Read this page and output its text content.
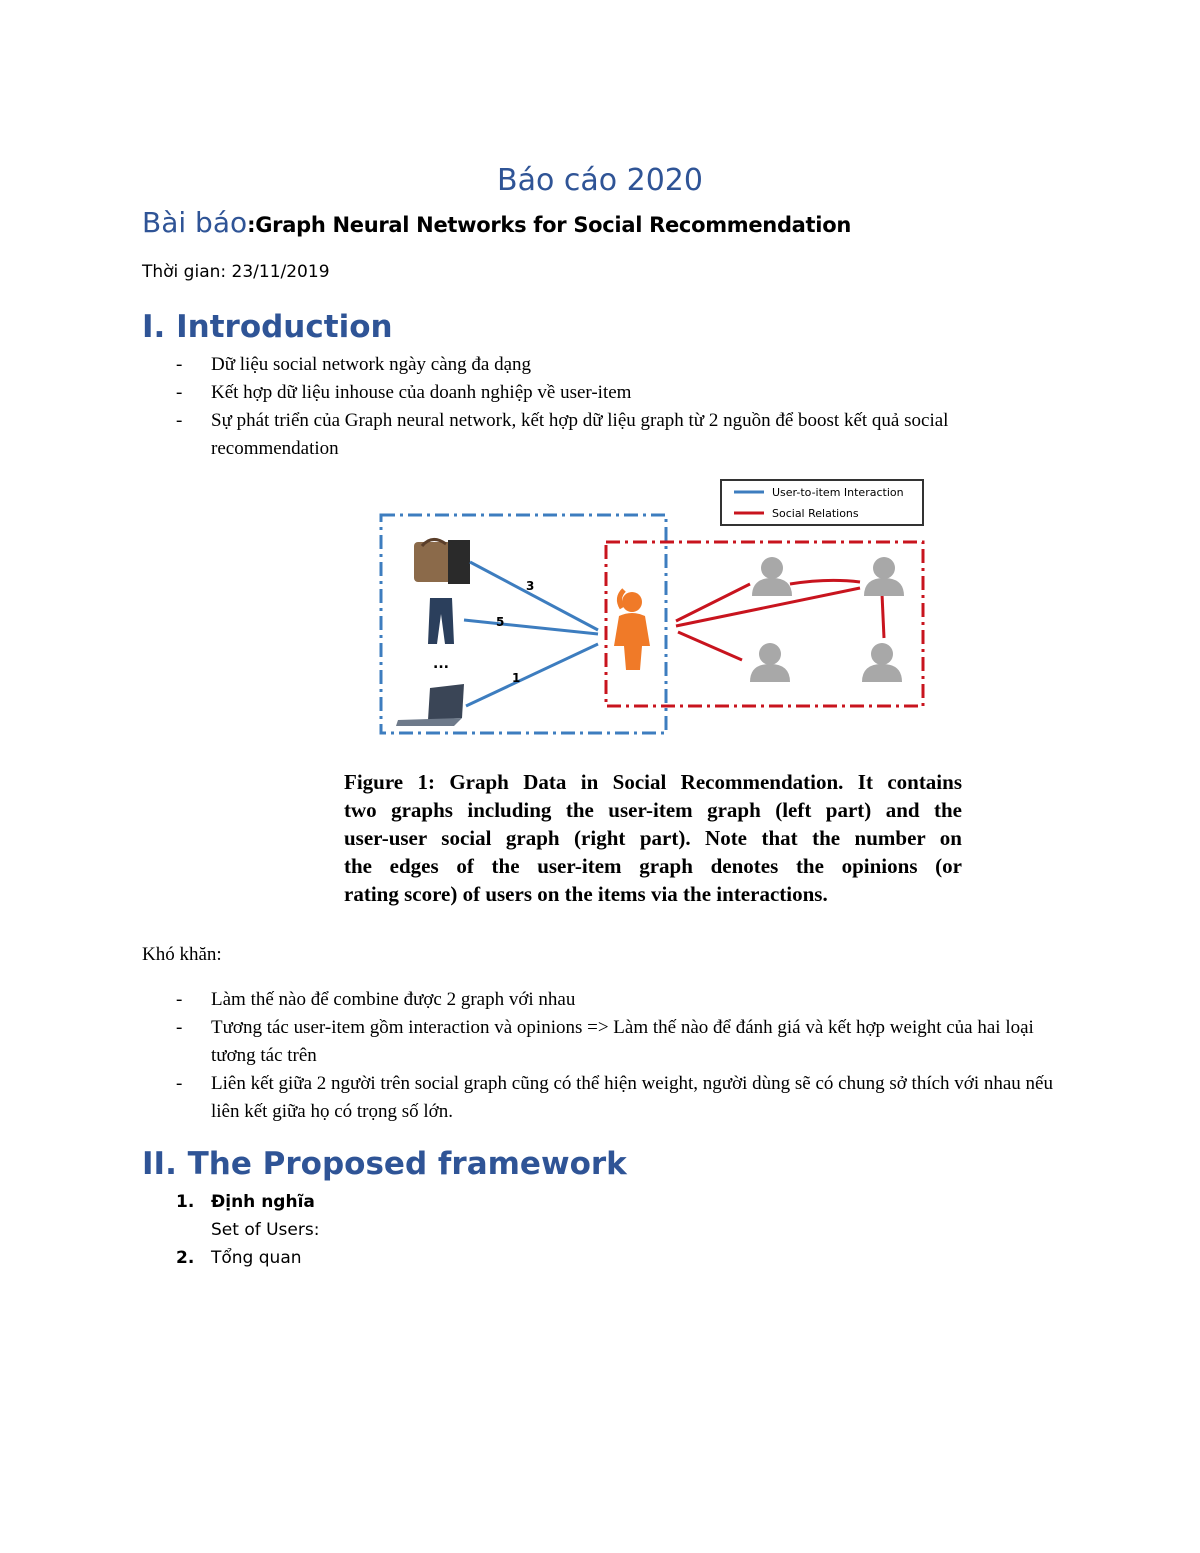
Báo cáo 2020
Bài báo:Graph Neural Networks for Social Recommendation
Thời gian: 23/11/2019
I. Introduction
- Dữ liệu social network ngày càng đa dạng
- Kết hợp dữ liệu inhouse của doanh nghiệp về user-item
- Sự phát triển của Graph neural network, kết hợp dữ liệu graph từ 2 nguồn để boost kết quả social recommendation
User-to-item Interaction
Social Relations
...
3
5
1
Figure 1: Graph Data in Social Recommendation. It contains
two graphs including the user-item graph (left part) and the
user-user social graph (right part). Note that the number on
the edges of the user-item graph denotes the opinions (or
rating score) of users on the items via the interactions.
Khó khăn:
- Làm thế nào để combine được 2 graph với nhau
- Tương tác user-item gồm interaction và opinions => Làm thế nào để đánh giá và kết hợp weight của hai loại tương tác trên
- Liên kết giữa 2 người trên social graph cũng có thể hiện weight, người dùng sẽ có chung sở thích với nhau nếu liên kết giữa họ có trọng số lớn.
II. The Proposed framework
1. Định nghĩa
Set of Users:
2. Tổng quan
